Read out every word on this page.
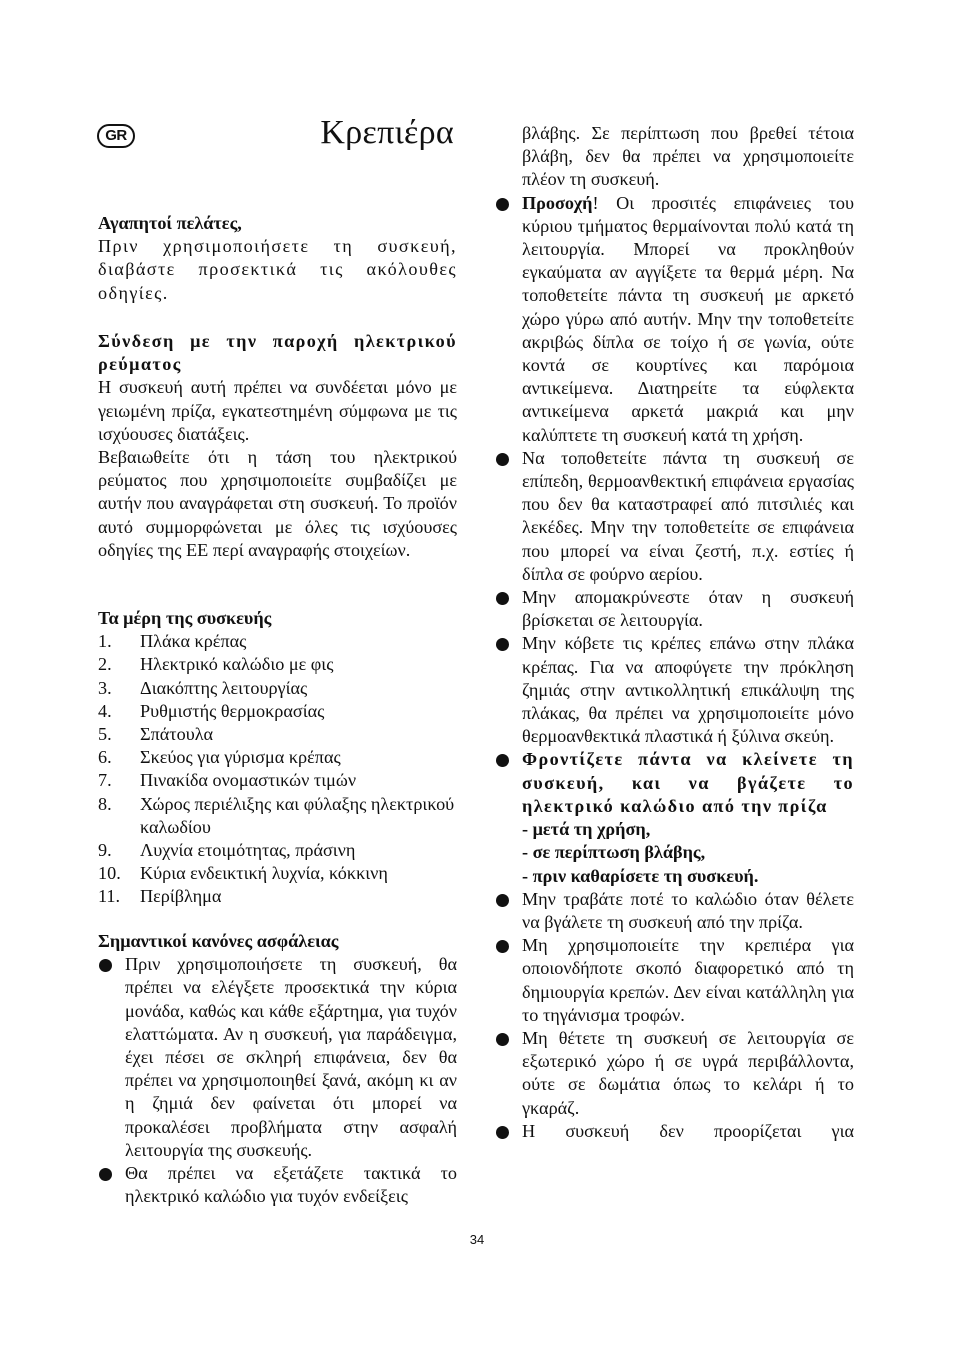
GR	Κρεπιέρα

Αγαπητοί πελάτες,

Πριν χρησιμοποιήσετε τη συσκευή, διαβάστε προσεκτικά τις ακόλουθες οδηγίες.

Σύνδεση με την παροχή ηλεκτρικού ρεύματος

Η συσκευή αυτή πρέπει να συνδέεται μόνο με γειωμένη πρίζα, εγκατεστημένη σύμφωνα με τις ισχύουσες διατάξεις.

Βεβαιωθείτε ότι η τάση του ηλεκτρικού ρεύματος που χρησιμοποιείτε συμβαδίζει με αυτήν που αναγράφεται στη συσκευή. Το προϊόν αυτό συμμορφώνεται με όλες τις ισχύουσες οδηγίες της ΕΕ περί αναγραφής στοιχείων.

Τα μέρη της συσκευής

1.	Πλάκα κρέπας
2.	Ηλεκτρικό καλώδιο με φις
3.	Διακόπτης λειτουργίας
4.	Ρυθμιστής θερμοκρασίας
5.	Σπάτουλα
6.	Σκεύος για γύρισμα κρέπας
7.	Πινακίδα ονομαστικών τιμών
8.	Χώρος περιέλιξης και φύλαξης ηλεκτρικού καλωδίου
9.	Λυχνία ετοιμότητας, πράσινη
10.	Κύρια ενδεικτική λυχνία, κόκκινη
11.	Περίβλημα

Σημαντικοί κανόνες ασφάλειας

Πριν χρησιμοποιήσετε τη συσκευή, θα πρέπει να ελέγξετε προσεκτικά την κύρια μονάδα, καθώς και κάθε εξάρτημα, για τυχόν ελαττώματα. Αν η συσκευή, για παράδειγμα, έχει πέσει σε σκληρή επιφάνεια, δεν θα πρέπει να χρησιμοποιηθεί ξανά, ακόμη κι αν η ζημιά δεν φαίνεται ότι μπορεί να προκαλέσει προβλήματα στην ασφαλή λειτουργία της συσκευής.
Θα πρέπει να εξετάζετε τακτικά το ηλεκτρικό καλώδιο για τυχόν ενδείξεις
βλάβης. Σε περίπτωση που βρεθεί τέτοια βλάβη, δεν θα πρέπει να χρησιμοποιείτε πλέον τη συσκευή.
Προσοχή! Οι προσιτές επιφάνειες του κύριου τμήματος θερμαίνονται πολύ κατά τη λειτουργία. Μπορεί να προκληθούν εγκαύματα αν αγγίξετε τα θερμά μέρη. Να τοποθετείτε πάντα τη συσκευή με αρκετό χώρο γύρω από αυτήν. Μην την τοποθετείτε ακριβώς δίπλα σε τοίχο ή σε γωνία, ούτε κοντά σε κουρτίνες και παρόμοια αντικείμενα. Διατηρείτε τα εύφλεκτα αντικείμενα αρκετά μακριά και μην καλύπτετε τη συσκευή κατά τη χρήση.
Να τοποθετείτε πάντα τη συσκευή σε επίπεδη, θερμοανθεκτική επιφάνεια εργασίας που δεν θα καταστραφεί από πιτσιλιές και λεκέδες. Μην την τοποθετείτε σε επιφάνεια που μπορεί να είναι ζεστή, π.χ. εστίες ή δίπλα σε φούρνο αερίου.
Μην απομακρύνεστε όταν η συσκευή βρίσκεται σε λειτουργία.
Μην κόβετε τις κρέπες επάνω στην πλάκα κρέπας. Για να αποφύγετε την πρόκληση ζημιάς στην αντικολλητική επικάλυψη της πλάκας, θα πρέπει να χρησιμοποιείτε μόνο θερμοανθεκτικά πλαστικά ή ξύλινα σκεύη.
Φροντίζετε πάντα να κλείνετε τη συσκευή, και να βγάζετε το ηλεκτρικό καλώδιο από την πρίζα
- μετά τη χρήση,
- σε περίπτωση βλάβης,
- πριν καθαρίσετε τη συσκευή.
Μην τραβάτε ποτέ το καλώδιο όταν θέλετε να βγάλετε τη συσκευή από την πρίζα.
Μη χρησιμοποιείτε την κρεπιέρα για οποιονδήποτε σκοπό διαφορετικό από τη δημιουργία κρεπών. Δεν είναι κατάλληλη για το τηγάνισμα τροφών.
Μη θέτετε τη συσκευή σε λειτουργία σε εξωτερικό χώρο ή σε υγρά περιβάλλοντα, ούτε σε δωμάτια όπως το κελάρι ή το γκαράζ.
Η συσκευή δεν προορίζεται για
34
